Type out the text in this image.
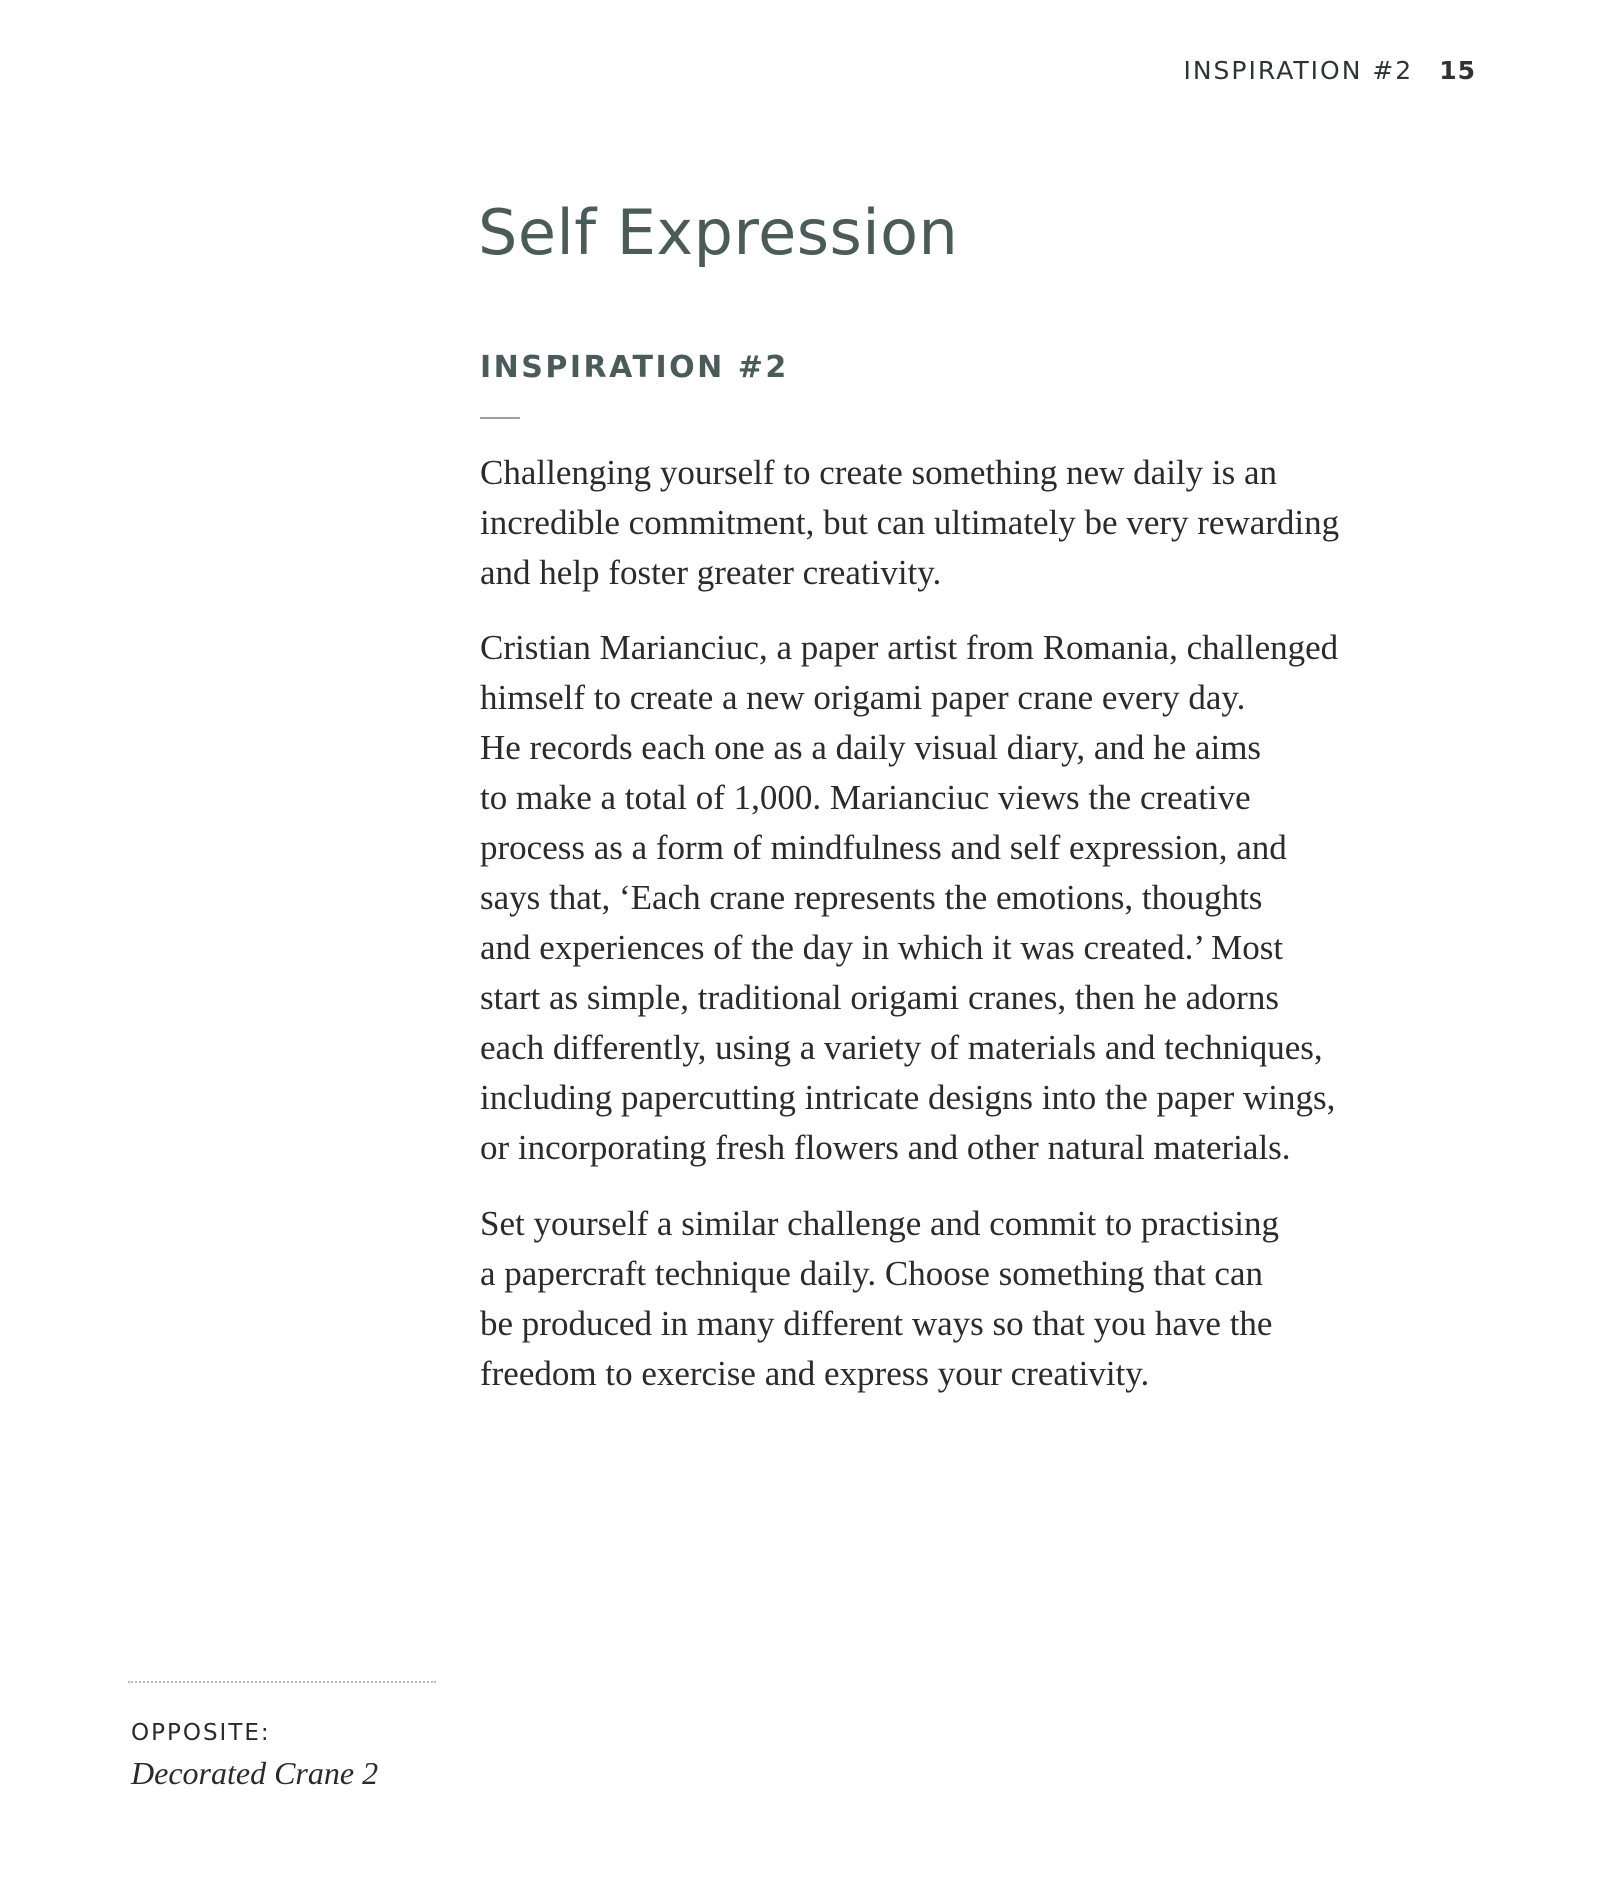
INSPIRATION #2 15
Self Expression
INSPIRATION #2
Challenging yourself to create something new daily is an
incredible commitment, but can ultimately be very rewarding
and help foster greater creativity.
Cristian Marianciuc, a paper artist from Romania, challenged
himself to create a new origami paper crane every day.
He records each one as a daily visual diary, and he aims
to make a total of 1,000. Marianciuc views the creative
process as a form of mindfulness and self expression, and
says that, ‘Each crane represents the emotions, thoughts
and experiences of the day in which it was created.’ Most
start as simple, traditional origami cranes, then he adorns
each differently, using a variety of materials and techniques,
including papercutting intricate designs into the paper wings,
or incorporating fresh flowers and other natural materials.
Set yourself a similar challenge and commit to practising
a papercraft technique daily. Choose something that can
be produced in many different ways so that you have the
freedom to exercise and express your creativity.
OPPOSITE:
Decorated Crane 2
